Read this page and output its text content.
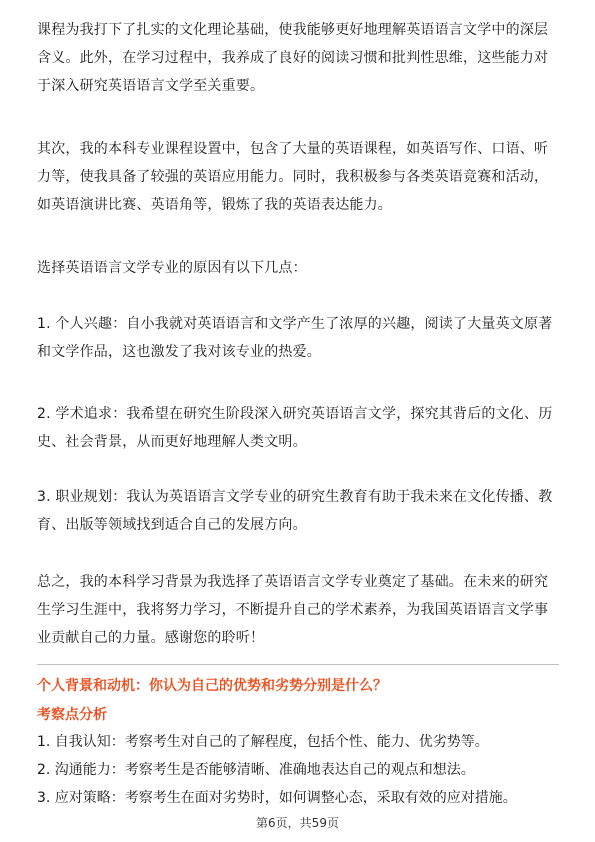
课程为我打下了扎实的文化理论基础，使我能够更好地理解英语语言文学中的深层含义。此外，在学习过程中，我养成了良好的阅读习惯和批判性思维，这些能力对于深入研究英语语言文学至关重要。

其次，我的本科专业课程设置中，包含了大量的英语课程，如英语写作、口语、听力等，使我具备了较强的英语应用能力。同时，我积极参与各类英语竞赛和活动，如英语演讲比赛、英语角等，锻炼了我的英语表达能力。

选择英语语言文学专业的原因有以下几点：

1. 个人兴趣：自小我就对英语语言和文学产生了浓厚的兴趣，阅读了大量英文原著和文学作品，这也激发了我对该专业的热爱。

2. 学术追求：我希望在研究生阶段深入研究英语语言文学，探究其背后的文化、历史、社会背景，从而更好地理解人类文明。

3. 职业规划：我认为英语语言文学专业的研究生教育有助于我未来在文化传播、教育、出版等领域找到适合自己的发展方向。

总之，我的本科学习背景为我选择了英语语言文学专业奠定了基础。在未来的研究生学习生涯中，我将努力学习，不断提升自己的学术素养，为我国英语语言文学事业贡献自己的力量。感谢您的聆听！

个人背景和动机：你认为自己的优势和劣势分别是什么？

考察点分析

1. 自我认知：考察考生对自己的了解程度，包括个性、能力、优劣势等。
2. 沟通能力：考察考生是否能够清晰、准确地表达自己的观点和想法。
3. 应对策略：考察考生在面对劣势时，如何调整心态，采取有效的应对措施。
第6页，共59页
